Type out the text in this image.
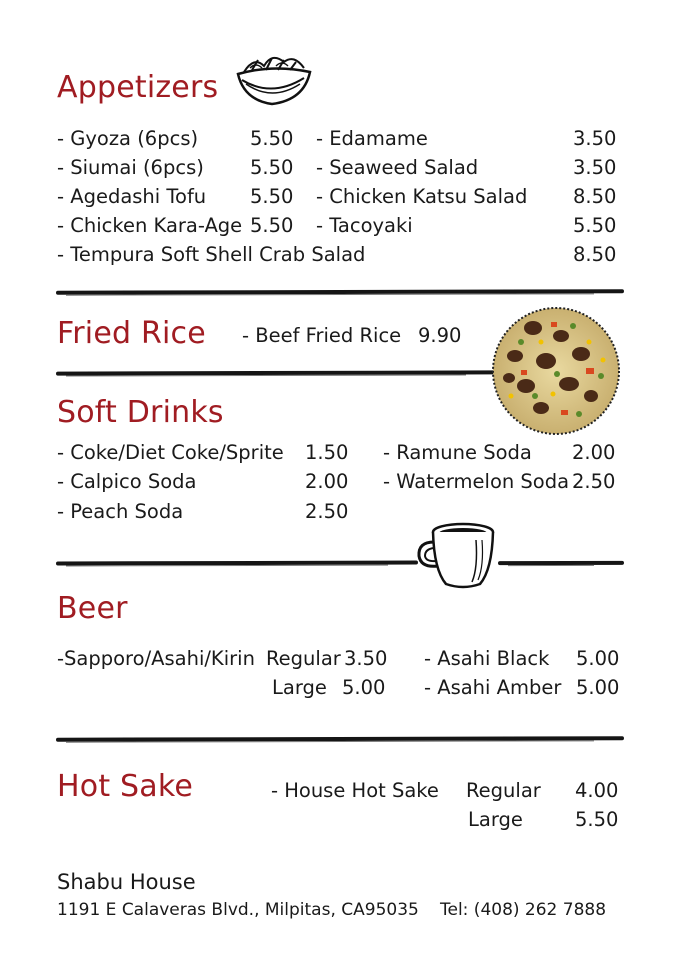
Appetizers
- Gyoza (6pcs)	5.50
- Siumai (6pcs) 5.50
- Agedashi Tofu 5.50
- Chicken Kara-Age 5.50
- Edamame	3.50
- Seaweed Salad	3.50
- Chicken Katsu Salad 8.50
- Tacoyaki	5.50
- Tempura Soft Shell Crab Salad	8.50
Fried Rice - Beef Fried Rice 9.90
Soft Drinks
- Coke/Diet Coke/Sprite 1.50
- Calpico Soda	2.00
- Peach Soda	2.50
- Ramune Soda 2.00
- Watermelon Soda 2.50
Beer
-Sapporo/Asahi/Kirin Regular 3.50
Large 5.00
- Asahi Black 5.00
- Asahi Amber 5.00
Hot Sake	- House Hot Sake Regular 4.00
Large	5.50
Shabu House
1191 E Calaveras Blvd., Milpitas, CA95035 Tel: (408) 262 7888
